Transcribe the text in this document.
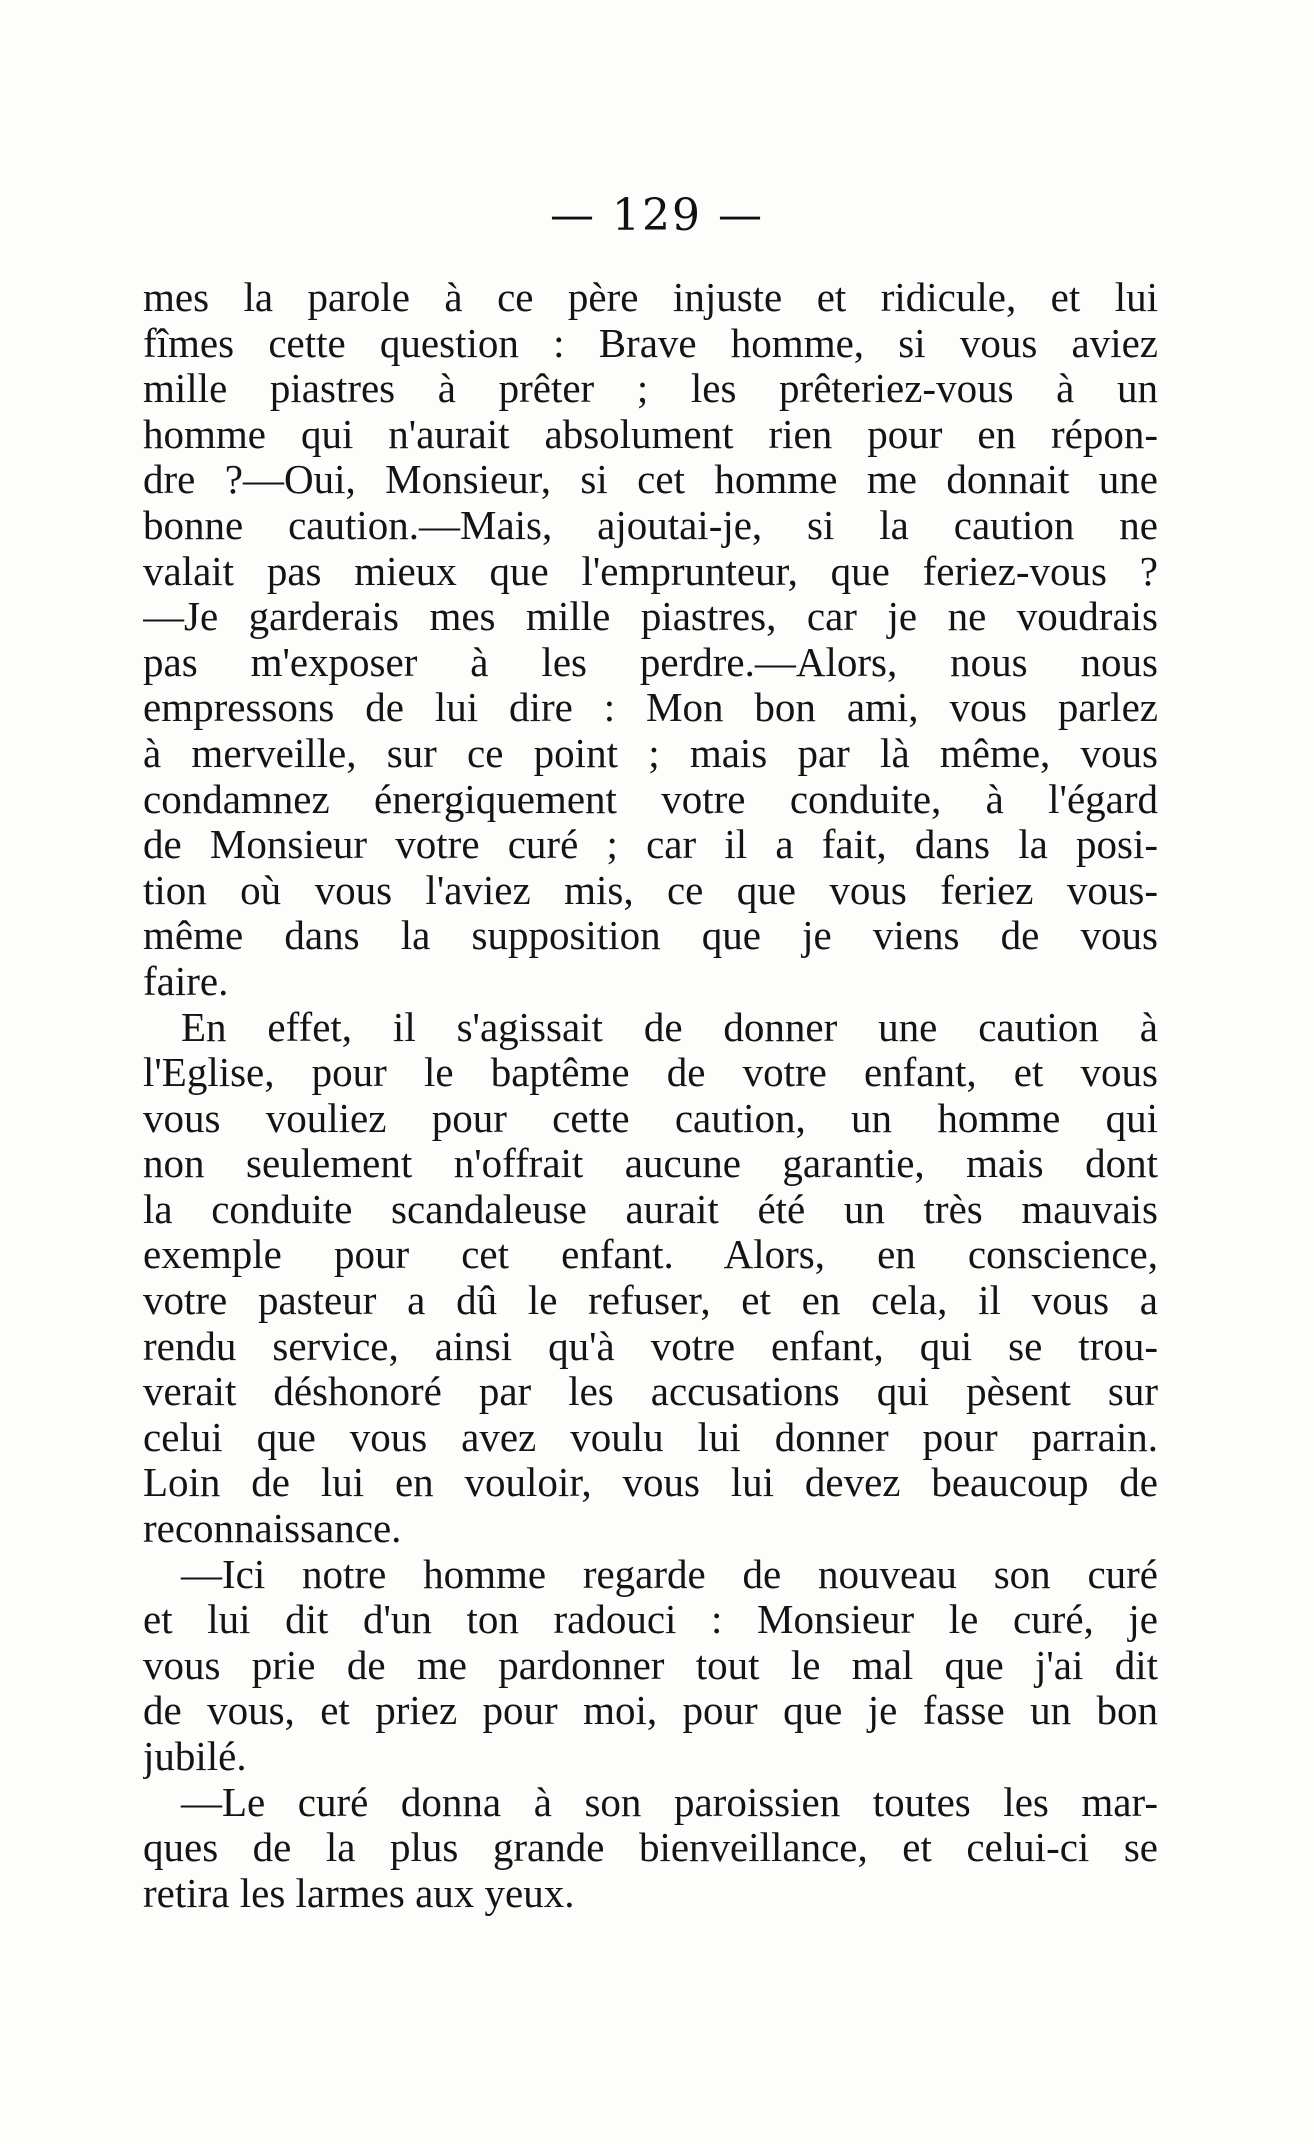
— 129 —
mes la parole à ce père injuste et ridicule, et lui
fîmes cette question : Brave homme, si vous aviez
mille piastres à prêter ; les prêteriez-vous à un
homme qui n'aurait absolument rien pour en répon-
dre ?—Oui, Monsieur, si cet homme me donnait une
bonne caution.—Mais, ajoutai-je, si la caution ne
valait pas mieux que l'emprunteur, que feriez-vous ?
—Je garderais mes mille piastres, car je ne voudrais
pas m'exposer à les perdre.—Alors, nous nous
empressons de lui dire : Mon bon ami, vous parlez
à merveille, sur ce point ; mais par là même, vous
condamnez énergiquement votre conduite, à l'égard
de Monsieur votre curé ; car il a fait, dans la posi-
tion où vous l'aviez mis, ce que vous feriez vous-
même dans la supposition que je viens de vous
faire.
En effet, il s'agissait de donner une caution à
l'Eglise, pour le baptême de votre enfant, et vous
vous vouliez pour cette caution, un homme qui
non seulement n'offrait aucune garantie, mais dont
la conduite scandaleuse aurait été un très mauvais
exemple pour cet enfant. Alors, en conscience,
votre pasteur a dû le refuser, et en cela, il vous a
rendu service, ainsi qu'à votre enfant, qui se trou-
verait déshonoré par les accusations qui pèsent sur
celui que vous avez voulu lui donner pour parrain.
Loin de lui en vouloir, vous lui devez beaucoup de
reconnaissance.
—Ici notre homme regarde de nouveau son curé
et lui dit d'un ton radouci : Monsieur le curé, je
vous prie de me pardonner tout le mal que j'ai dit
de vous, et priez pour moi, pour que je fasse un bon
jubilé.
—Le curé donna à son paroissien toutes les mar-
ques de la plus grande bienveillance, et celui-ci se
retira les larmes aux yeux.
